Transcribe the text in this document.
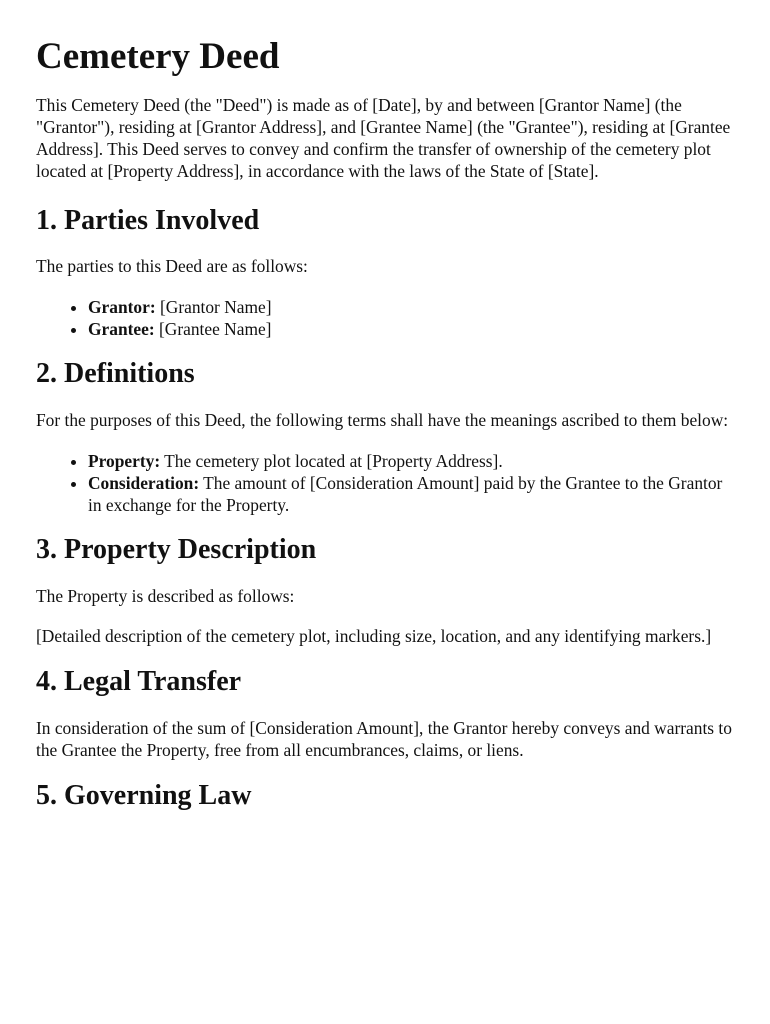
Cemetery Deed

This Cemetery Deed (the "Deed") is made as of [Date], by and between [Grantor Name] (the "Grantor"), residing at [Grantor Address], and [Grantee Name] (the "Grantee"), residing at [Grantee Address]. This Deed serves to convey and confirm the transfer of ownership of the cemetery plot located at [Property Address], in accordance with the laws of the State of [State].

1. Parties Involved

The parties to this Deed are as follows:

• Grantor: [Grantor Name]
• Grantee: [Grantee Name]
2. Definitions

For the purposes of this Deed, the following terms shall have the meanings ascribed to them below:

• Property: The cemetery plot located at [Property Address].
• Consideration: The amount of [Consideration Amount] paid by the Grantee to the Grantor in exchange for the Property.
3. Property Description

The Property is described as follows:

[Detailed description of the cemetery plot, including size, location, and any identifying markers.]

4. Legal Transfer

In consideration of the sum of [Consideration Amount], the Grantor hereby conveys and warrants to the Grantee the Property, free from all encumbrances, claims, or liens.

5. Governing Law
